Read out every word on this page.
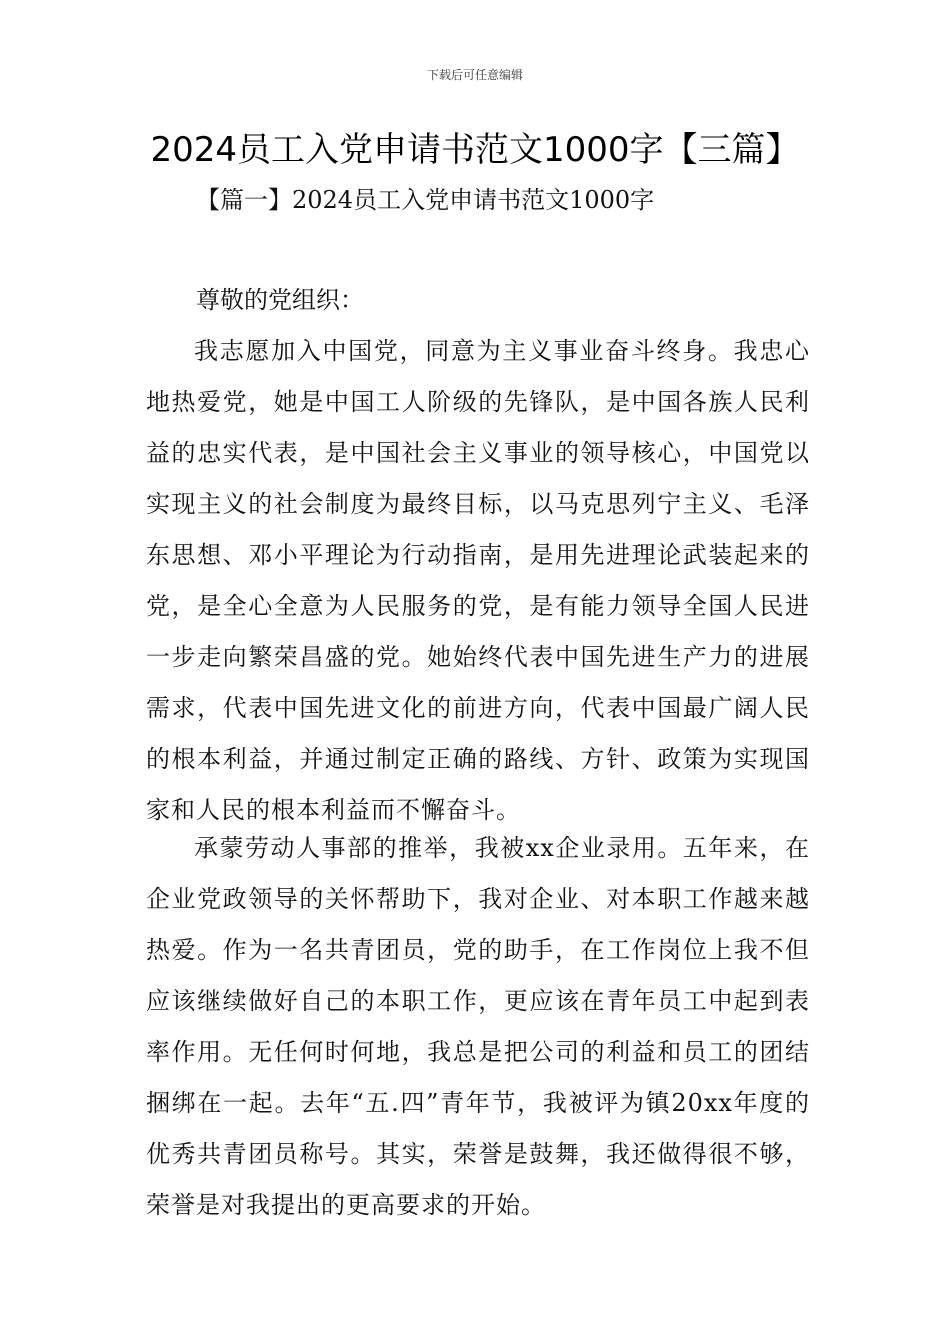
下载后可任意编辑
2024员工入党申请书范文1000字【三篇】
【篇一】2024员工入党申请书范文1000字
尊敬的党组织：

我志愿加入中国党，同意为主义事业奋斗终身。我忠心地热爱党，她是中国工人阶级的先锋队，是中国各族人民利益的忠实代表，是中国社会主义事业的领导核心，中国党以实现主义的社会制度为最终目标，以马克思列宁主义、毛泽东思想、邓小平理论为行动指南，是用先进理论武装起来的党，是全心全意为人民服务的党，是有能力领导全国人民进一步走向繁荣昌盛的党。她始终代表中国先进生产力的进展需求，代表中国先进文化的前进方向，代表中国最广阔人民的根本利益，并通过制定正确的路线、方针、政策为实现国家和人民的根本利益而不懈奋斗。

承蒙劳动人事部的推举，我被xx企业录用。五年来，在企业党政领导的关怀帮助下，我对企业、对本职工作越来越热爱。作为一名共青团员，党的助手，在工作岗位上我不但应该继续做好自己的本职工作，更应该在青年员工中起到表率作用。无任何时何地，我总是把公司的利益和员工的团结捆绑在一起。去年“五.四”青年节，我被评为镇20xx年度的优秀共青团员称号。其实，荣誉是鼓舞，我还做得很不够，荣誉是对我提出的更高要求的开始。
